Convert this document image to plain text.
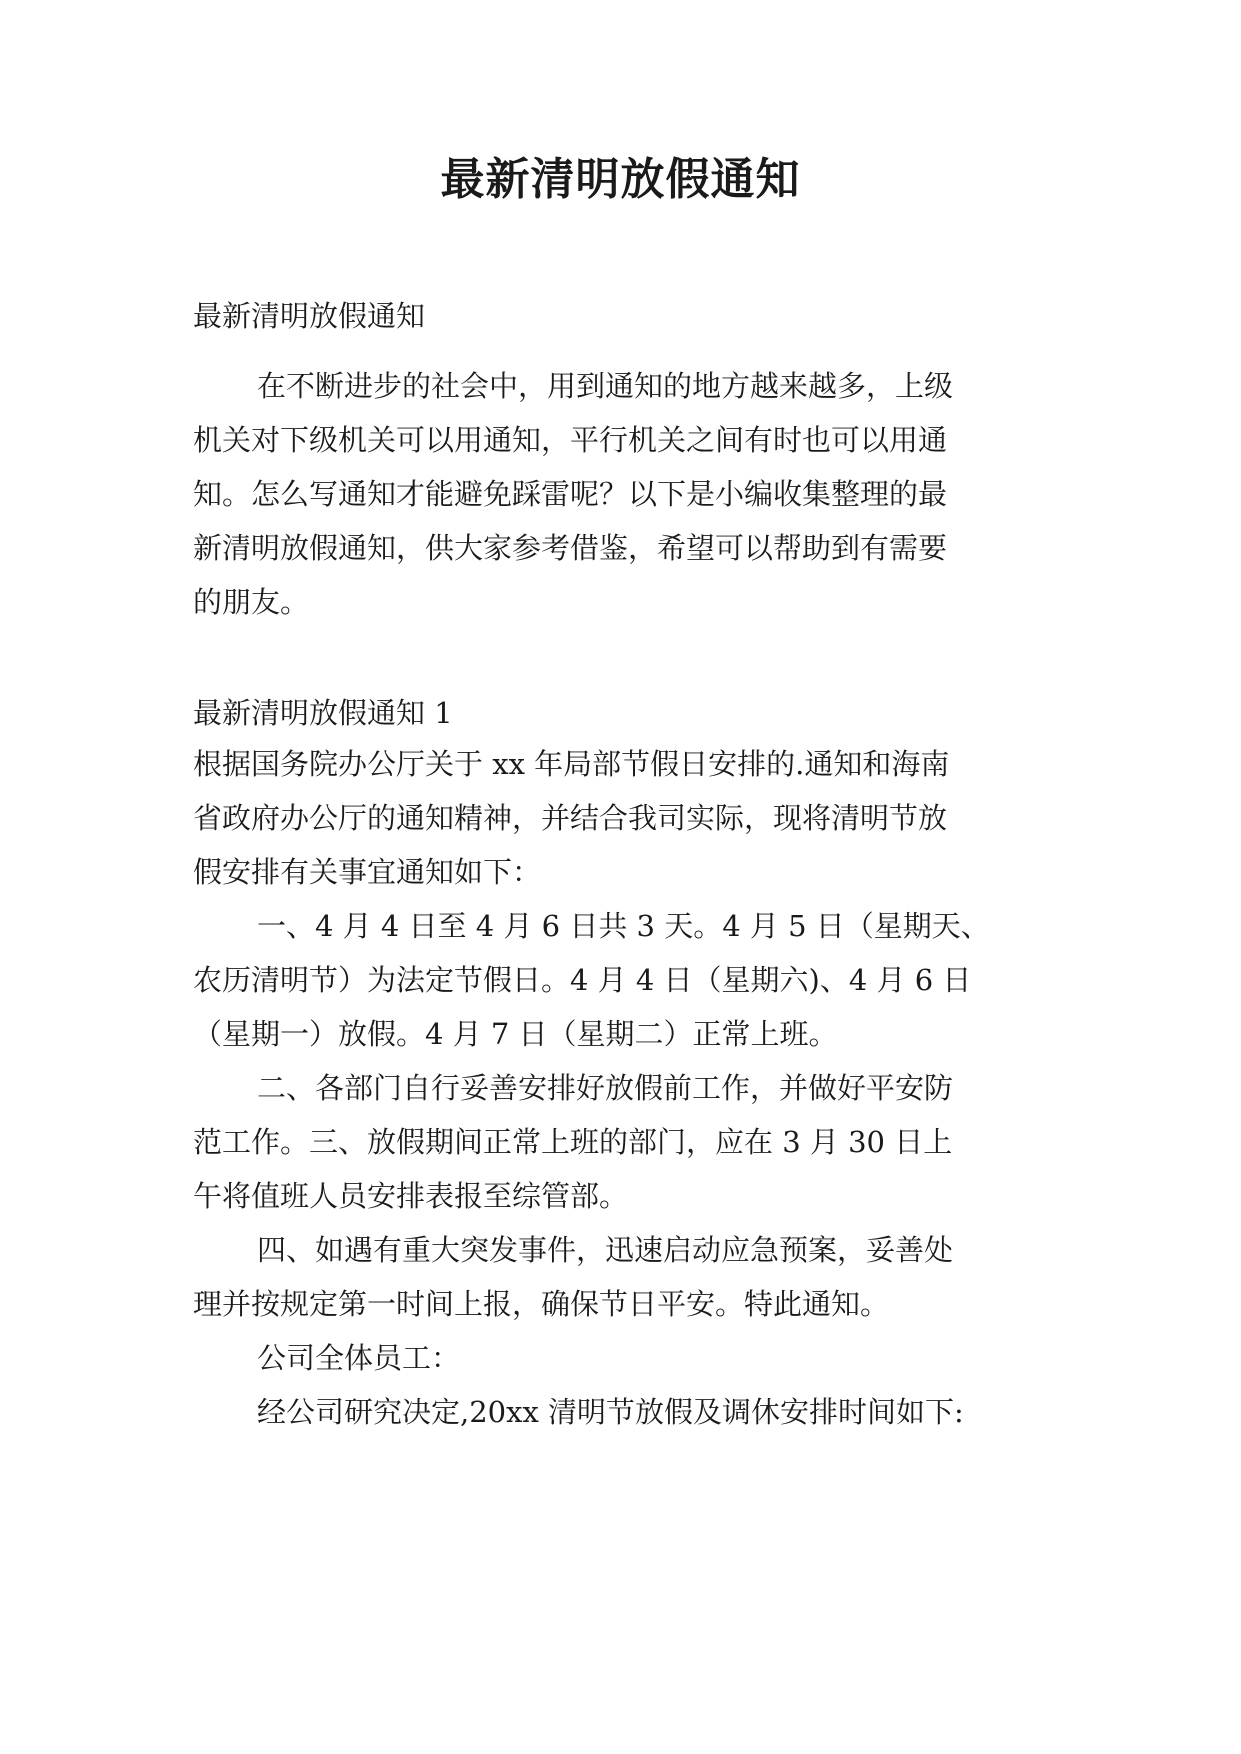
最新清明放假通知

最新清明放假通知

在不断进步的社会中，用到通知的地方越来越多，上级

机关对下级机关可以用通知，平行机关之间有时也可以用通

知。怎么写通知才能避免踩雷呢？以下是小编收集整理的最

新清明放假通知，供大家参考借鉴，希望可以帮助到有需要

的朋友。

最新清明放假通知 1

根据国务院办公厅关于 xx 年局部节假日安排的.通知和海南

省政府办公厅的通知精神，并结合我司实际，现将清明节放

假安排有关事宜通知如下：

一、4 月 4 日至 4 月 6 日共 3 天。4 月 5 日（星期天、

农历清明节）为法定节假日。4 月 4 日（星期六)、4 月 6 日

（星期一）放假。4 月 7 日（星期二）正常上班。

二、各部门自行妥善安排好放假前工作，并做好平安防

范工作。三、放假期间正常上班的部门，应在 3 月 30 日上

午将值班人员安排表报至综管部。

四、如遇有重大突发事件，迅速启动应急预案，妥善处

理并按规定第一时间上报，确保节日平安。特此通知。

公司全体员工：

经公司研究决定,20xx 清明节放假及调休安排时间如下:
